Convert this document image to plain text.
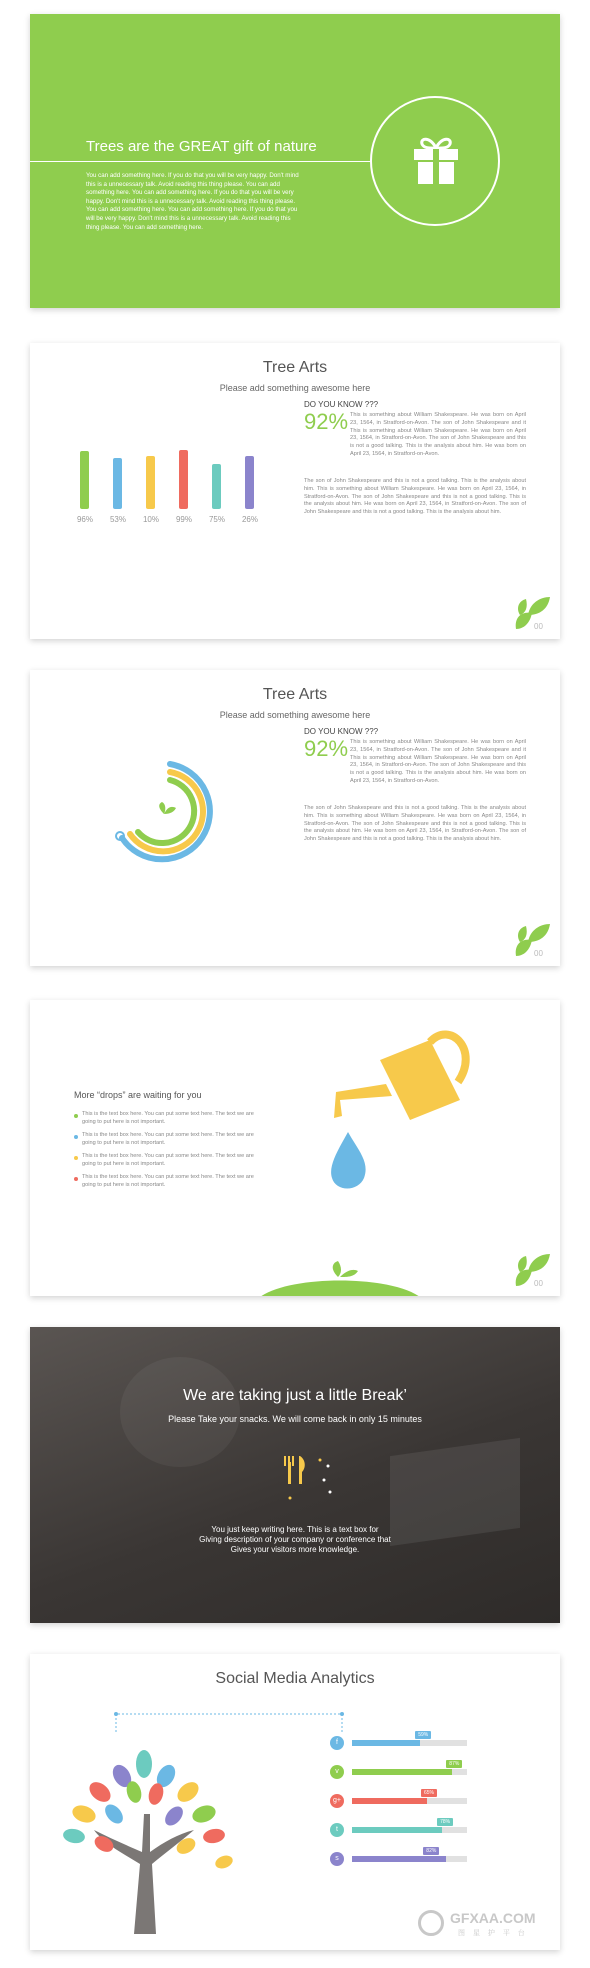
Trees are the GREAT gift of nature
You can add something here. If you do that you will be very happy. Don't mind this is a unnecessary talk. Avoid reading this thing please. You can add something here. You can add something here. If you do that you will be very happy. Don't mind this is a unnecessary talk. Avoid reading this thing please. You can add something here. You can add something here. If you do that you will be very happy. Don't mind this is a unnecessary talk. Avoid reading this thing please. You can add something here.
Tree Arts
Please add something awesome here
96%	53%	10%	99%	75%	26%
DO YOU KNOW ???
92% This is something about William Shakespeare. He was born on April 23, 1564, in Stratford-on-Avon. The son of John Shakespeare and it This is something about William Shakespeare. He was born on April 23, 1564, in Stratford-on-Avon. The son of John Shakespeare and this is not a good talking. This is the analysis about him. He was born on April 23, 1564, in Stratford-on-Avon.
The son of John Shakespeare and this is not a good talking. This is the analysis about him. This is something about William Shakespeare. He was born on April 23, 1564, in Stratford-on-Avon. The son of John Shakespeare and this is not a good talking. This is the analysis about him. He was born on April 23, 1564, in Stratford-on-Avon. The son of John Shakespeare and this is not a good talking. This is the analysis about him.
00
Tree Arts
Please add something awesome here
DO YOU KNOW ???
92% This is something about William Shakespeare. He was born on April 23, 1564, in Stratford-on-Avon. The son of John Shakespeare and it This is something about William Shakespeare. He was born on April 23, 1564, in Stratford-on-Avon. The son of John Shakespeare and this is not a good talking. This is the analysis about him. He was born on April 23, 1564, in Stratford-on-Avon.
The son of John Shakespeare and this is not a good talking. This is the analysis about him. This is something about William Shakespeare. He was born on April 23, 1564, in Stratford-on-Avon. The son of John Shakespeare and this is not a good talking. This is the analysis about him. He was born on April 23, 1564, in Stratford-on-Avon. The son of John Shakespeare and this is not a good talking. This is the analysis about him.
00
More “drops” are waiting for you
This is the text box here. You can put some text here. The text we are going to put here is not important.
This is the text box here. You can put some text here. The text we are going to put here is not important.
This is the text box here. You can put some text here. The text we are going to put here is not important.
This is the text box here. You can put some text here. The text we are going to put here is not important.
00
We are taking just a little Break’
Please Take your snacks. We will come back in only 15 minutes
You just keep writing here. This is a text box for
Giving description of your company or conference that
Gives your visitors more knowledge.
Social Media Analytics
f
59%
v
87%
g+
65%
t
78%
s
82%
GFXAA.COM
图 星 护 平 台
